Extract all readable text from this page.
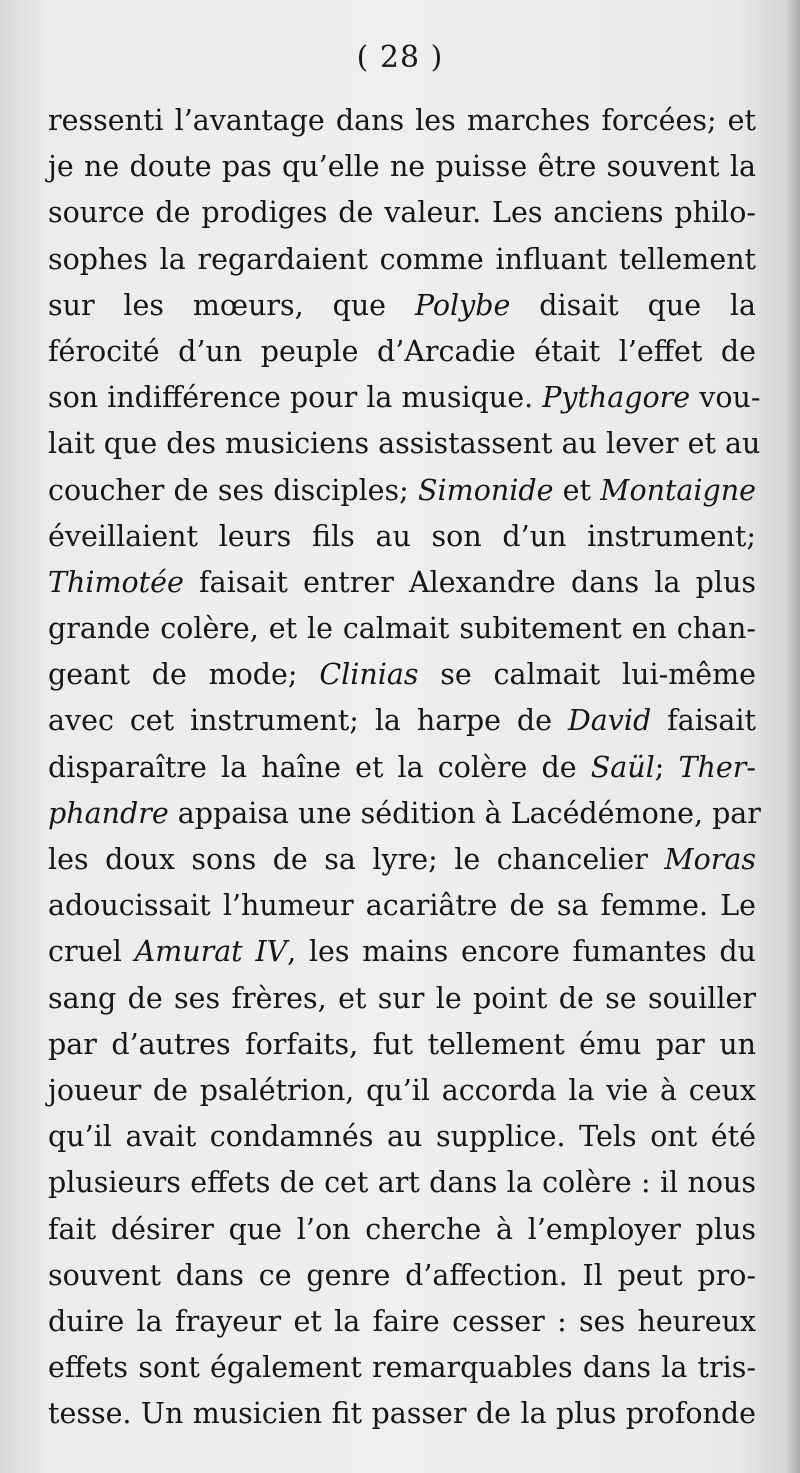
( 28 )
ressenti l’avantage dans les marches forcées; et
je ne doute pas qu’elle ne puisse être souvent la
source de prodiges de valeur. Les anciens philo-
sophes la regardaient comme influant tellement
sur les mœurs, que Polybe disait que la
férocité d’un peuple d’Arcadie était l’effet de
son indifférence pour la musique. Pythagore vou-
lait que des musiciens assistassent au lever et au
coucher de ses disciples; Simonide et Montaigne
éveillaient leurs fils au son d’un instrument;
Thimotée faisait entrer Alexandre dans la plus
grande colère, et le calmait subitement en chan-
geant de mode; Clinias se calmait lui-même
avec cet instrument; la harpe de David faisait
disparaître la haîne et la colère de Saül; Ther-
phandre appaisa une sédition à Lacédémone, par
les doux sons de sa lyre; le chancelier Moras
adoucissait l’humeur acariâtre de sa femme. Le
cruel Amurat IV, les mains encore fumantes du
sang de ses frères, et sur le point de se souiller
par d’autres forfaits, fut tellement ému par un
joueur de psalétrion, qu’il accorda la vie à ceux
qu’il avait condamnés au supplice. Tels ont été
plusieurs effets de cet art dans la colère : il nous
fait désirer que l’on cherche à l’employer plus
souvent dans ce genre d’affection. Il peut pro-
duire la frayeur et la faire cesser : ses heureux
effets sont également remarquables dans la tris-
tesse. Un musicien fit passer de la plus profonde
